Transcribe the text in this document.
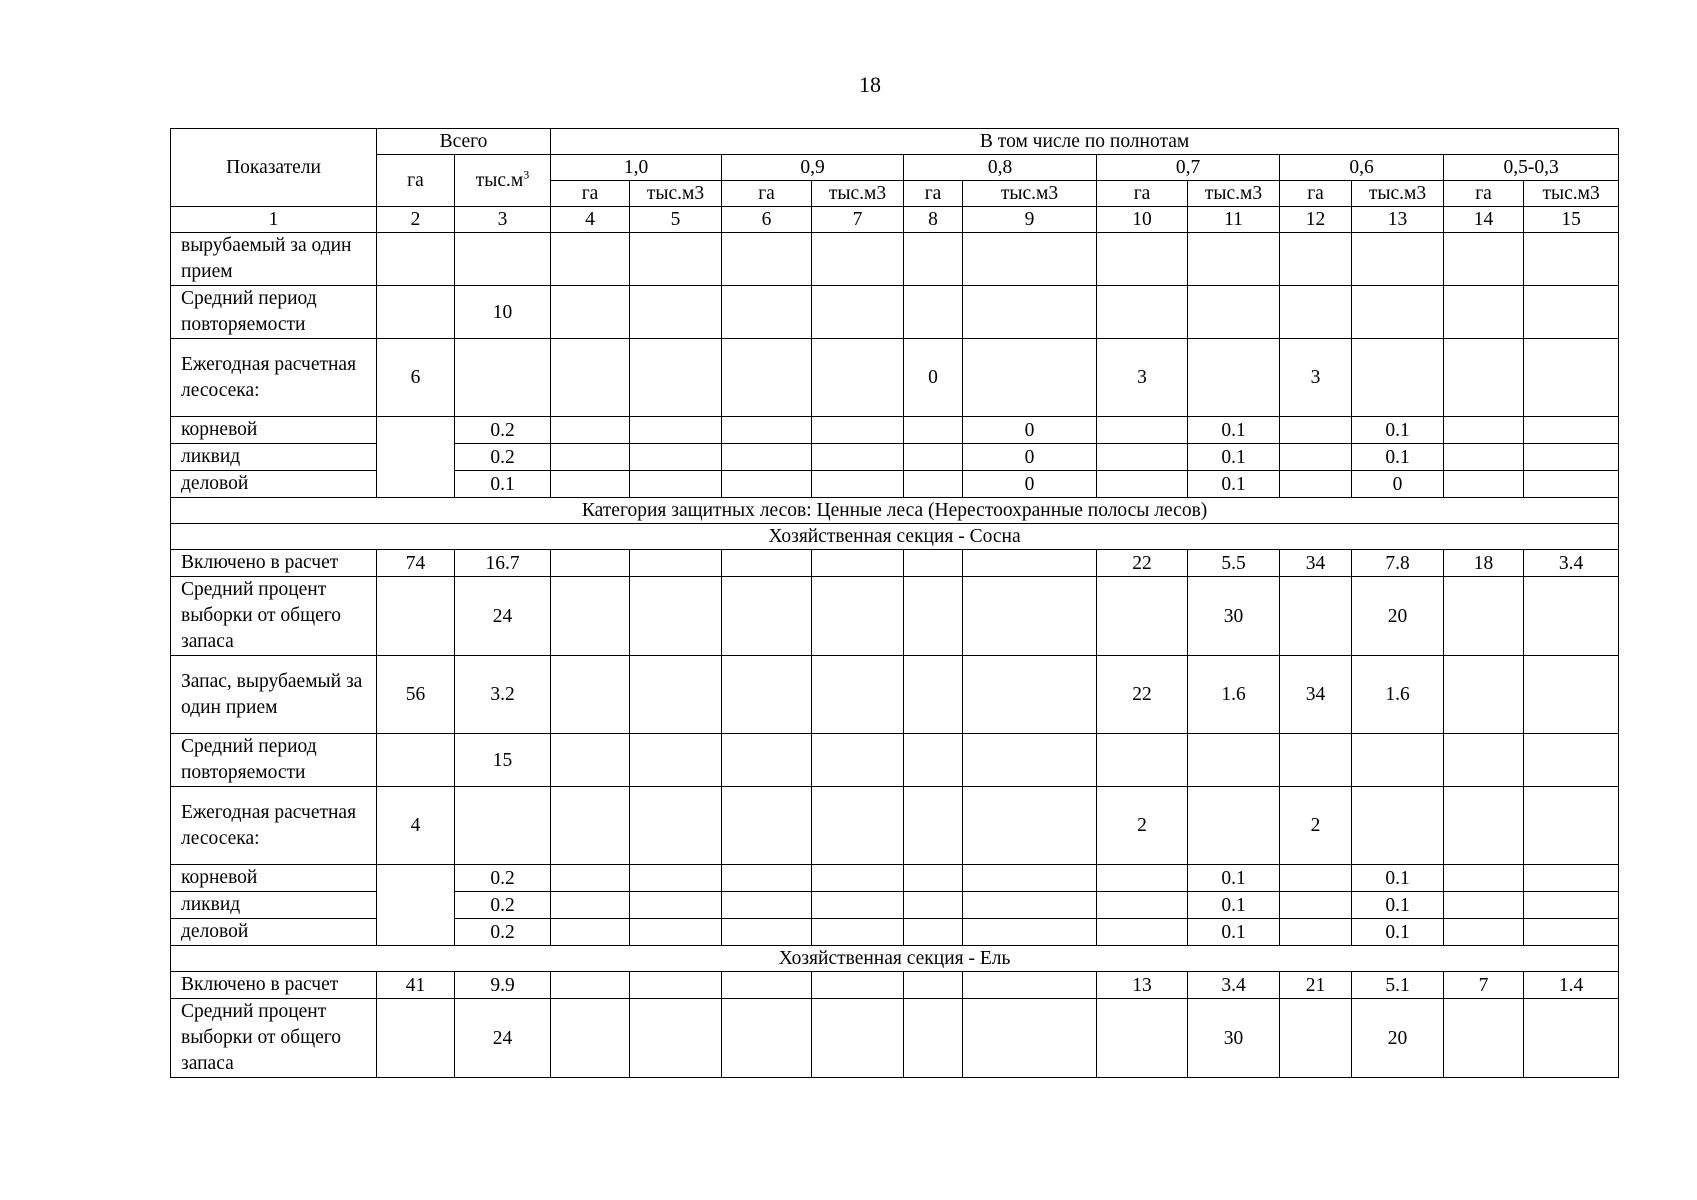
18
Показатели	Всего		В том числе по полнотам											
	га	$тыс.м^3$	1,0		0,9		0,8		0,7		0,6		0,5-0,3	
			га	тыс.м3	га	тыс.м3	га	тыс.м3	га	тыс.м3	га	тыс.м3	га	тыс.м3
1	2	3	4	5	6	7	8	9	10	11	12	13	14	15
вырубаемый за один прием														
Средний период повторяемости		10												
Ежегодная расчетная лесосека:	6						0		3		3			
корневой		0.2						0		0.1		0.1		
ликвид		0.2						0		0.1		0.1		
деловой		0.1						0		0.1		0		
Категория защитных лесов: Ценные леса (Нерестоохранные полосы лесов)														
Хозяйственная секция - Сосна														
Включено в расчет	74	16.7							22	5.5	34	7.8	18	3.4
Средний процент выборки от общего запаса		24								30		20		
Запас, вырубаемый за один прием	56	3.2							22	1.6	34	1.6		
Средний период повторяемости		15												
Ежегодная расчетная лесосека:	4								2		2			
корневой		0.2								0.1		0.1		
ликвид		0.2								0.1		0.1		
деловой		0.2								0.1		0.1		
Хозяйственная секция - Ель														
Включено в расчет	41	9.9							13	3.4	21	5.1	7	1.4
Средний процент выборки от общего запаса		24								30		20		
